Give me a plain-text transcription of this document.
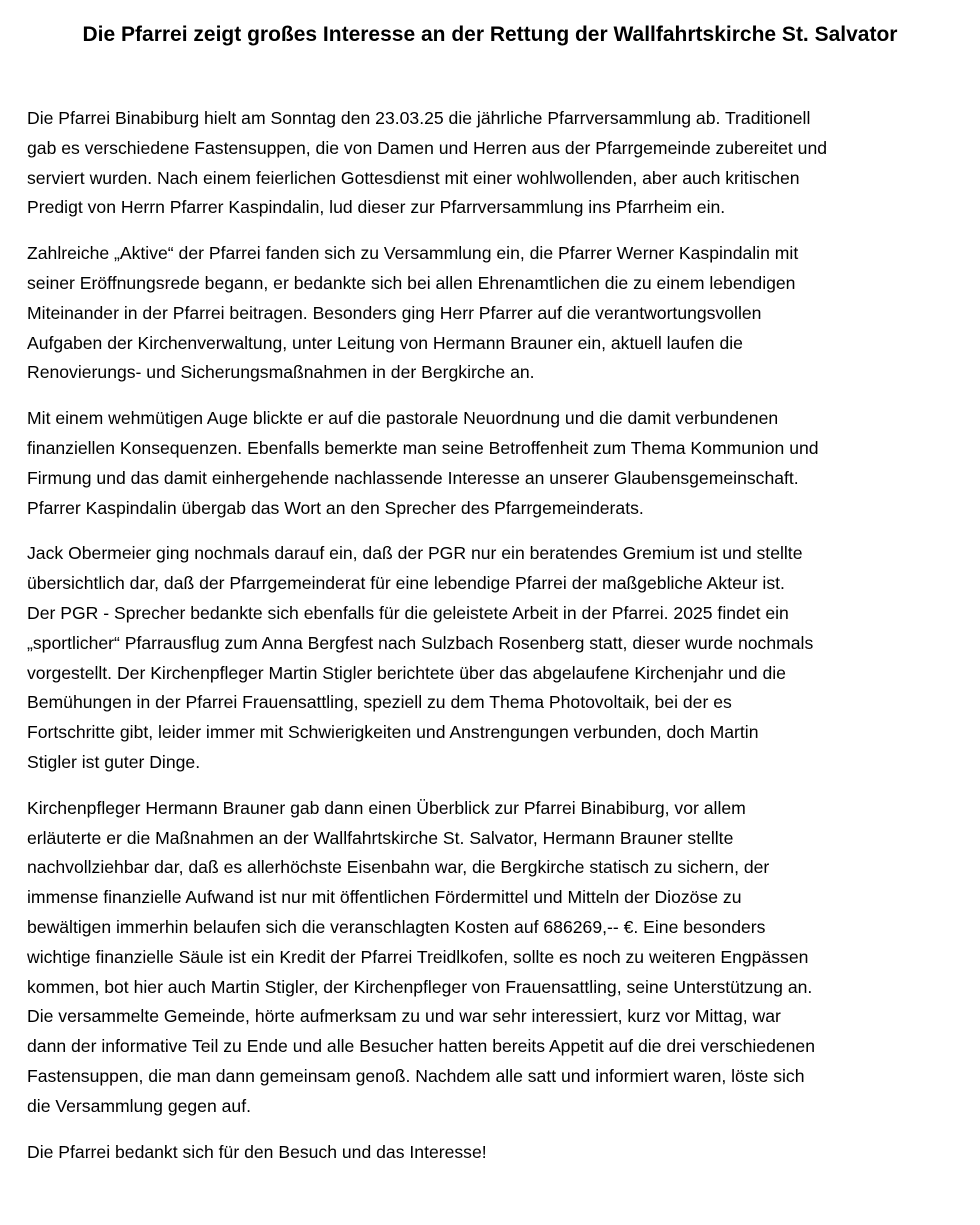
Die Pfarrei zeigt großes Interesse an der Rettung der Wallfahrtskirche St. Salvator

Die Pfarrei Binabiburg hielt am Sonntag den 23.03.25 die jährliche Pfarrversammlung ab. Traditionell
gab es verschiedene Fastensuppen, die von Damen und Herren aus der Pfarrgemeinde zubereitet und
serviert wurden. Nach einem feierlichen Gottesdienst mit einer wohlwollenden, aber auch kritischen
Predigt von Herrn Pfarrer Kaspindalin, lud dieser zur Pfarrversammlung ins Pfarrheim ein.

Zahlreiche „Aktive“ der Pfarrei fanden sich zu Versammlung ein, die Pfarrer Werner Kaspindalin mit
seiner Eröffnungsrede begann, er bedankte sich bei allen Ehrenamtlichen die zu einem lebendigen
Miteinander in der Pfarrei beitragen. Besonders ging Herr Pfarrer auf die verantwortungsvollen
Aufgaben der Kirchenverwaltung, unter Leitung von Hermann Brauner ein, aktuell laufen die
Renovierungs- und Sicherungsmaßnahmen in der Bergkirche an.

Mit einem wehmütigen Auge blickte er auf die pastorale Neuordnung und die damit verbundenen
finanziellen Konsequenzen. Ebenfalls bemerkte man seine Betroffenheit zum Thema Kommunion und
Firmung und das damit einhergehende nachlassende Interesse an unserer Glaubensgemeinschaft.
Pfarrer Kaspindalin übergab das Wort an den Sprecher des Pfarrgemeinderats.

Jack Obermeier ging nochmals darauf ein, daß der PGR nur ein beratendes Gremium ist und stellte
übersichtlich dar, daß der Pfarrgemeinderat für eine lebendige Pfarrei der maßgebliche Akteur ist.
Der PGR - Sprecher bedankte sich ebenfalls für die geleistete Arbeit in der Pfarrei. 2025 findet ein
„sportlicher“ Pfarrausflug zum Anna Bergfest nach Sulzbach Rosenberg statt, dieser wurde nochmals
vorgestellt. Der Kirchenpfleger Martin Stigler berichtete über das abgelaufene Kirchenjahr und die
Bemühungen in der Pfarrei Frauensattling, speziell zu dem Thema Photovoltaik, bei der es
Fortschritte gibt, leider immer mit Schwierigkeiten und Anstrengungen verbunden, doch Martin
Stigler ist guter Dinge.

Kirchenpfleger Hermann Brauner gab dann einen Überblick zur Pfarrei Binabiburg, vor allem
erläuterte er die Maßnahmen an der Wallfahrtskirche St. Salvator, Hermann Brauner stellte
nachvollziehbar dar, daß es allerhöchste Eisenbahn war, die Bergkirche statisch zu sichern, der
immense finanzielle Aufwand ist nur mit öffentlichen Fördermittel und Mitteln der Diozöse zu
bewältigen immerhin belaufen sich die veranschlagten Kosten auf 686269,-- €. Eine besonders
wichtige finanzielle Säule ist ein Kredit der Pfarrei Treidlkofen, sollte es noch zu weiteren Engpässen
kommen, bot hier auch Martin Stigler, der Kirchenpfleger von Frauensattling, seine Unterstützung an.
Die versammelte Gemeinde, hörte aufmerksam zu und war sehr interessiert, kurz vor Mittag, war
dann der informative Teil zu Ende und alle Besucher hatten bereits Appetit auf die drei verschiedenen
Fastensuppen, die man dann gemeinsam genoß. Nachdem alle satt und informiert waren, löste sich
die Versammlung gegen auf.

Die Pfarrei bedankt sich für den Besuch und das Interesse!
